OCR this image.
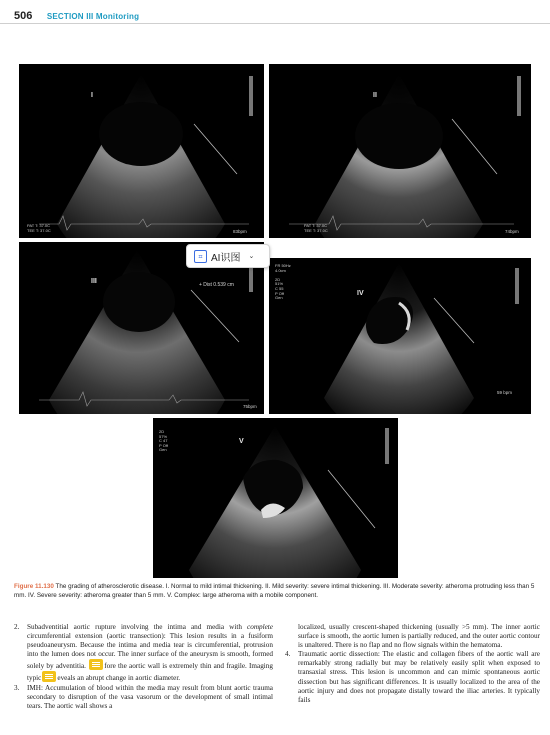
506 SECTION III Monitoring
I
PAT T: 37.0C
TEE T: 37.0C	83bpm
II
PAT T: 37.0C
TEE T: 37.0C	74bpm
III	+ Dist 0.539 cm
75bpm
IV
FR 50Hz
4.0cm

2D
51%
C 55
P Off
Gen
59 bpm
V
2D
57%
C 47
P Off
Gen
⌗ AI识图 ⌄
Figure 11.130 The grading of atherosclerotic disease. I. Normal to mild intimal thickening. II. Mild severity: severe intimal thickening. III. Moderate severity: atheroma protruding less than 5 mm. IV. Severe severity: atheroma greater than 5 mm. V. Complex: large atheroma with a mobile component.
2. Subadventitial aortic rupture involving the intima and media with complete circumferential extension (aortic transection): This lesion results in a fusiform pseudoaneurysm. Because the intima and media tear is circumferential, protrusion into the lumen does not occur. The inner surface of the aneurysm is smooth, formed solely by adventitia. fore the aortic wall is extremely thin and fragile. Imaging typic eveals an abrupt change in aortic diameter.
3. IMH: Accumulation of blood within the media may result from blunt aortic trauma secondary to disruption of the vasa vasorum or the development of small intimal tears. The aortic wall shows a
localized, usually crescent-shaped thickening (usually >5 mm). The inner aortic surface is smooth, the aortic lumen is partially reduced, and the outer aortic contour is unaltered. There is no flap and no flow signals within the hematoma.
4. Traumatic aortic dissection: The elastic and collagen fibers of the aortic wall are remarkably strong radially but may be relatively easily split when exposed to transaxial stress. This lesion is uncommon and can mimic spontaneous aortic dissection but has significant differences. It is usually localized to the area of the aortic injury and does not propagate distally toward the iliac arteries. It typically fails
